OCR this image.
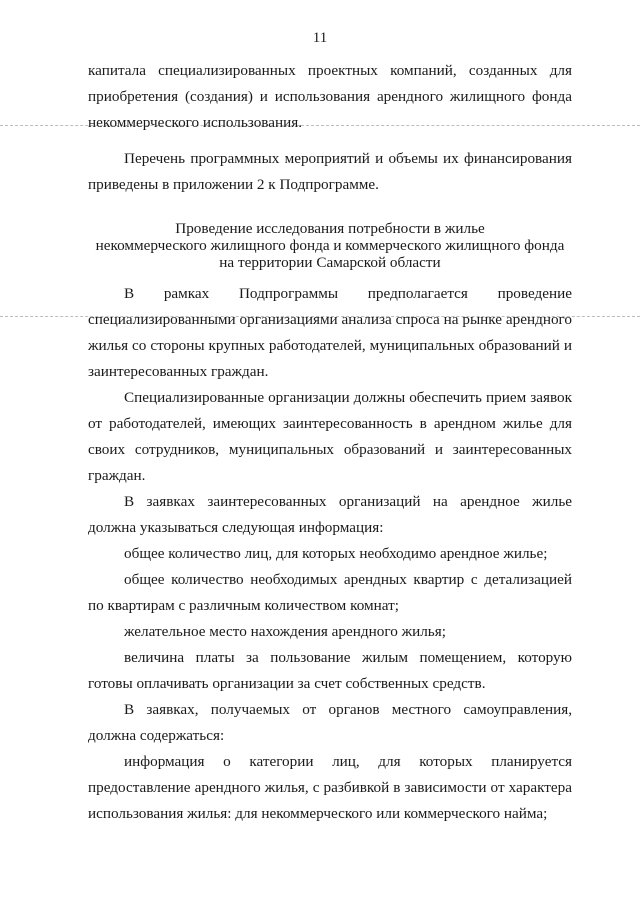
11

капитала специализированных проектных компаний, созданных для приобретения (создания) и использования арендного жилищного фонда некоммерческого использования.

Перечень программных мероприятий и объемы их финансирования приведены в приложении 2 к Подпрограмме.

Проведение исследования потребности в жилье
некоммерческого жилищного фонда и коммерческого жилищного фонда
на территории Самарской области

В рамках Подпрограммы предполагается проведение специализированными организациями анализа спроса на рынке арендного жилья со стороны крупных работодателей, муниципальных образований и заинтересованных граждан.

Специализированные организации должны обеспечить прием заявок от работодателей, имеющих заинтересованность в арендном жилье для своих сотрудников, муниципальных образований и заинтересованных граждан.

В заявках заинтересованных организаций на арендное жилье должна указываться следующая информация:

общее количество лиц, для которых необходимо арендное жилье;

общее количество необходимых арендных квартир с детализацией по квартирам с различным количеством комнат;

желательное место нахождения арендного жилья;

величина платы за пользование жилым помещением, которую готовы оплачивать организации за счет собственных средств.

В заявках, получаемых от органов местного самоуправления, должна содержаться:

информация о категории лиц, для которых планируется предоставление арендного жилья, с разбивкой в зависимости от характера использования жилья: для некоммерческого или коммерческого найма;
